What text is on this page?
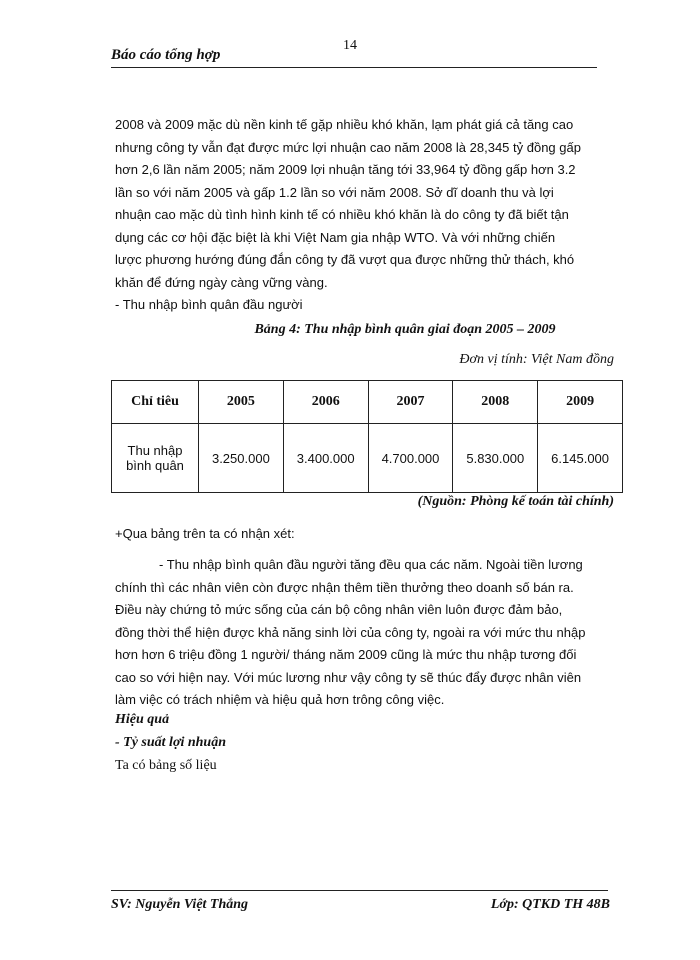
14
Báo cáo tổng hợp
2008 và 2009 mặc dù nền kinh tế gặp nhiều khó khăn, lạm phát giá cả tăng cao
nhưng công ty vẫn đạt được mức lợi nhuận cao năm 2008 là 28,345 tỷ đồng gấp
hơn 2,6 lần năm 2005; năm 2009 lợi nhuận tăng tới 33,964 tỷ đồng gấp hơn 3.2
lần so với năm 2005 và gấp 1.2 lần so với năm 2008. Sở dĩ doanh thu và lợi
nhuận cao mặc dù tình hình kinh tế có nhiều khó khăn là do công ty đã biết tận
dụng các cơ hội đặc biệt là khi Việt Nam gia nhập WTO. Và với những chiến
lược phương hướng đúng đắn công ty đã vượt qua được những thử thách, khó
khăn để đứng ngày càng vững vàng.
- Thu nhập bình quân đầu người
Bảng 4: Thu nhập bình quân giai đoạn 2005 – 2009
Đơn vị tính: Việt Nam đồng
Chỉ tiêu	2005	2006	2007	2008	2009

Thu nhập
bình quân	3.250.000	3.400.000	4.700.000	5.830.000	6.145.000
(Nguồn: Phòng kế toán tài chính)
+Qua bảng trên ta có nhận xét:
- Thu nhập bình quân đầu người tăng đều qua các năm. Ngoài tiền lương
chính thì các nhân viên còn được nhận thêm tiền thưởng theo doanh số bán ra.
Điều này chứng tỏ mức sống của cán bộ công nhân viên luôn được đảm bảo,
đồng thời thể hiện được khả năng sinh lời của công ty, ngoài ra với mức thu nhập
hơn hơn 6 triệu đồng 1 người/ tháng năm 2009 cũng là mức thu nhập tương đối
cao so với hiện nay. Với múc lương như vậy công ty sẽ thúc đẩy được nhân viên
làm việc có trách nhiệm và hiệu quả hơn trông công việc.
Hiệu quả
- Tỷ suất lợi nhuận
Ta có bảng số liệu
SV: Nguyễn Việt Thắng	Lớp: QTKD TH 48B
